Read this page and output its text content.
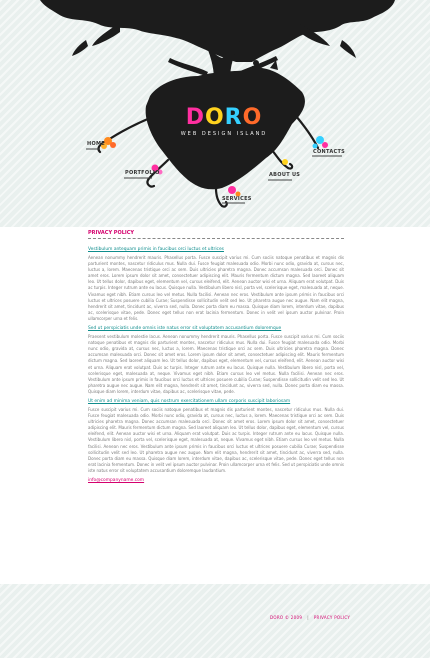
DORO
WEB DESIGN ISLAND
HOME
PORTFOLIO
SERVICES
ABOUT US
CONTACTS
PRIVACY POLICY
Vestibulum antequam primis in faucibus orci luctus et ultrices

Aenean nonummy hendrerit mauris. Phasellus porta. Fusce suscipit varius mi. Cum sociis natoque penatibus et magnis dis parturient montes, nascetur ridiculus mus. Nulla dui. Fusce feugiat malesuada odio. Morbi nunc odio, gravida at, cursus nec, luctus a, lorem. Maecenas tristique orci ac sem. Duis ultricies pharetra magna. Donec accumsan malesuada orci. Donec sit amet eros. Lorem ipsum dolor sit amet, consectetuer adipiscing elit. Mauris fermentum dictum magna. Sed laoreet aliquam leo. Ut tellus dolor, dapibus eget, elementum vel, cursus eleifend, elit. Aenean auctor wisi et urna. Aliquam erat volutpat. Duis ac turpis. Integer rutrum ante eu lacus. Quisque nulla. Vestibulum libero nisl, porta vel, scelerisque eget, malesuada at, neque. Vivamus eget nibh. Etiam cursus leo vel metus. Nulla facilisi. Aenean nec eros. Vestibulum ante ipsum primis in faucibus orci luctus et ultrices posuere cubilia Curae; Suspendisse sollicitudin velit sed leo. Ut pharetra augue nec augue. Nam elit magna, hendrerit sit amet, tincidunt ac, viverra sed, nulla. Donec porta diam eu massa. Quisque diam lorem, interdum vitae, dapibus ac, scelerisque vitae, pede. Donec eget tellus non erat lacinia fermentum. Donec in velit vel ipsum auctor pulvinar. Proin ullamcorper urna et felis.

Sed ut perspiciatis unde omnis iste natus error sit voluptatem accusantium doloremque

Praesent vestibulum molestie lacus. Aenean nonummy hendrerit mauris. Phasellus porta. Fusce suscipit varius mi. Cum sociis natoque penatibus et magnis dis parturient montes, nascetur ridiculus mus. Nulla dui. Fusce feugiat malesuada odio. Morbi nunc odio, gravida at, cursus nec, luctus a, lorem. Maecenas tristique orci ac sem. Duis ultricies pharetra magna. Donec accumsan malesuada orci. Donec sit amet eros. Lorem ipsum dolor sit amet, consectetuer adipiscing elit. Mauris fermentum dictum magna. Sed laoreet aliquam leo. Ut tellus dolor, dapibus eget, elementum vel, cursus eleifend, elit. Aenean auctor wisi et urna. Aliquam erat volutpat. Duis ac turpis. Integer rutrum ante eu lacus. Quisque nulla. Vestibulum libero nisl, porta vel, scelerisque eget, malesuada at, neque. Vivamus eget nibh. Etiam cursus leo vel metus. Nulla facilisi. Aenean nec eros. Vestibulum ante ipsum primis in faucibus orci luctus et ultrices posuere cubilia Curae; Suspendisse sollicitudin velit sed leo. Ut pharetra augue nec augue. Nam elit magna, hendrerit sit amet, tincidunt ac, viverra sed, nulla. Donec porta diam eu massa. Quisque diam lorem, interdum vitae, dapibus ac, scelerisque vitae, pede.

Ut enim ad minima veniam, quis nostrum exercitationem ullam corporis suscipit laboriosam

Fusce suscipit varius mi. Cum sociis natoque penatibus et magnis dis parturient montes, nascetur ridiculus mus. Nulla dui. Fusce feugiat malesuada odio. Morbi nunc odio, gravida at, cursus nec, luctus a, lorem. Maecenas tristique orci ac sem. Duis ultricies pharetra magna. Donec accumsan malesuada orci. Donec sit amet eros. Lorem ipsum dolor sit amet, consectetuer adipiscing elit. Mauris fermentum dictum magna. Sed laoreet aliquam leo. Ut tellus dolor, dapibus eget, elementum vel, cursus eleifend, elit. Aenean auctor wisi et urna. Aliquam erat volutpat. Duis ac turpis. Integer rutrum ante eu lacus. Quisque nulla. Vestibulum libero nisl, porta vel, scelerisque eget, malesuada at, neque. Vivamus eget nibh. Etiam cursus leo vel metus. Nulla facilisi. Aenean nec eros. Vestibulum ante ipsum primis in faucibus orci luctus et ultrices posuere cubilia Curae; Suspendisse sollicitudin velit sed leo. Ut pharetra augue nec augue. Nam elit magna, hendrerit sit amet, tincidunt ac, viverra sed, nulla. Donec porta diam eu massa. Quisque diam lorem, interdum vitae, dapibus ac, scelerisque vitae, pede. Donec eget tellus non erat lacinia fermentum. Donec in velit vel ipsum auctor pulvinar. Proin ullamcorper urna et felis. Sed ut perspiciatis unde omnis iste natus error sit voluptatem accusantium doloremque laudantium.

info@companyname.com
DORO © 2009 | PRIVACY POLICY
